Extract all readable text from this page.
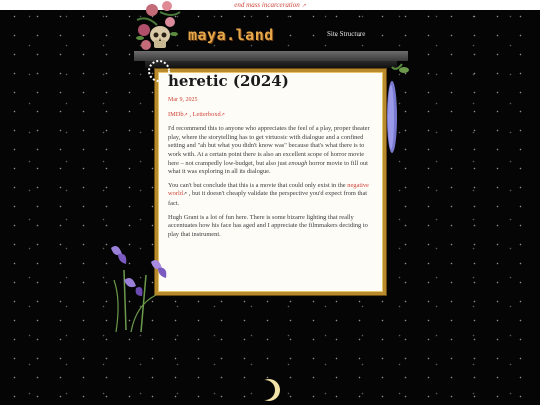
end mass incarceration ↗
maya.land	Site Structure
heretic (2024)
Mar 9, 2025
IMDb↗ , Letterboxd↗

I'd recommend this to anyone who appreciates the feel of a play, proper theater play, where the storytelling has to get virtuosic with dialogue and a confined setting and "ah but what you didn't know was" because that's what there is to work with. At a certain point there is also an excellent scope of horror movie here – not crampedly low-budget, but also just enough horror movie to fill out what it was exploring in all its dialogue.

You can't but conclude that this is a movie that could only exist in the negative world↗ , but it doesn't cheaply validate the perspective you'd expect from that fact.

Hugh Grant is a lot of fun here. There is some bizarre lighting that really accentuates how his face has aged and I appreciate the filmmakers deciding to play that instrument.
